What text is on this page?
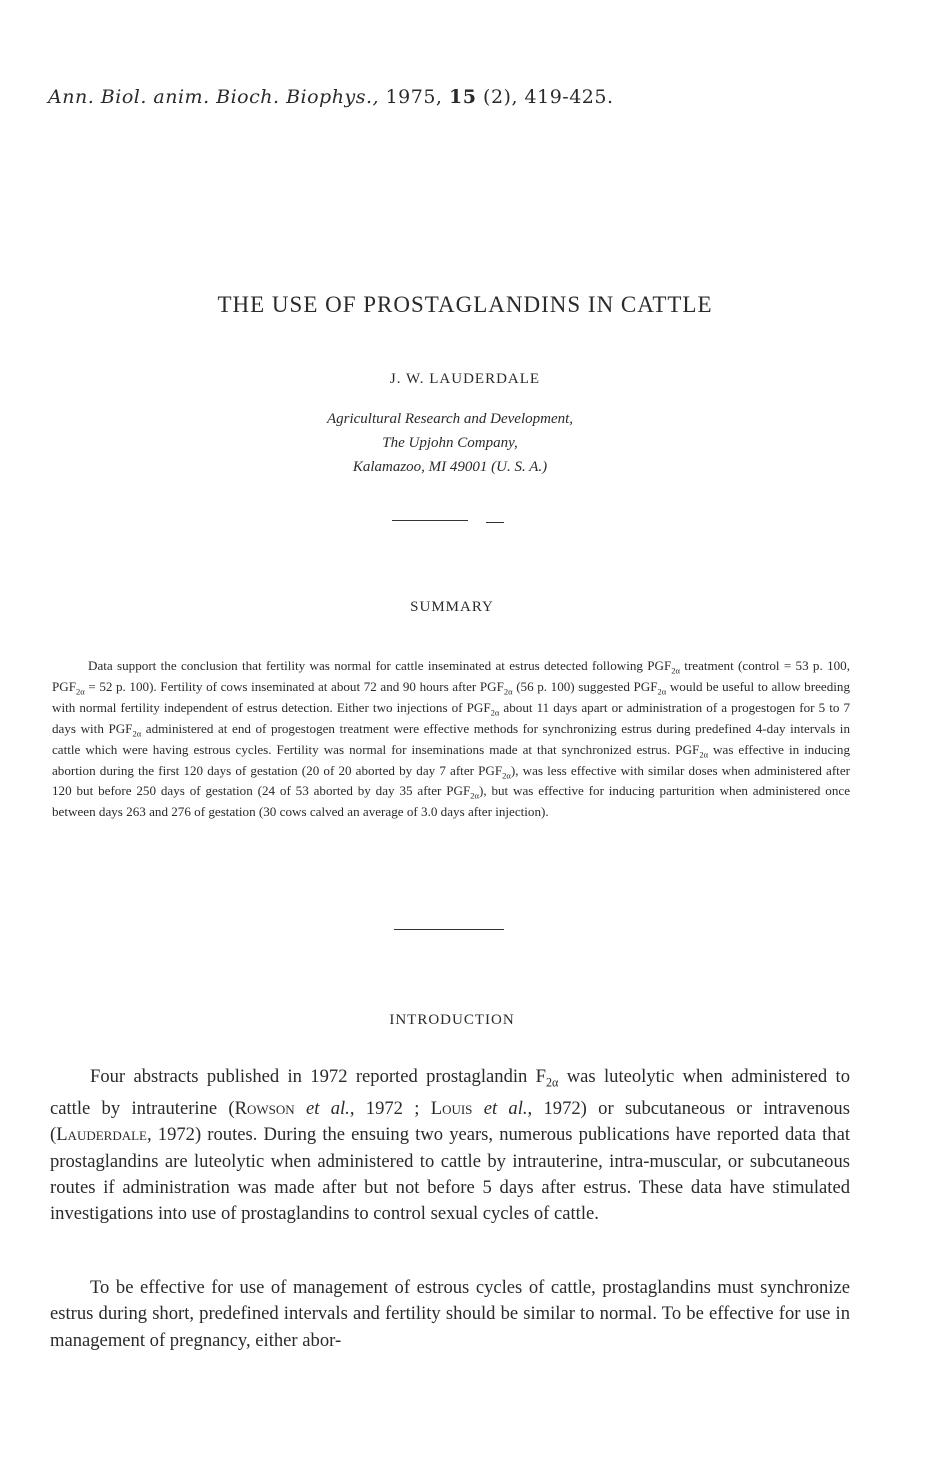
Ann. Biol. anim. Bioch. Biophys., 1975, 15 (2), 419-425.
THE USE OF PROSTAGLANDINS IN CATTLE
J. W. LAUDERDALE
Agricultural Research and Development,
The Upjohn Company,
Kalamazoo, MI 49001 (U. S. A.)
SUMMARY
Data support the conclusion that fertility was normal for cattle inseminated at estrus detected following $PGF_{2\alpha}$ treatment (control = 53 p. 100, $PGF_{2\alpha} = 52$ p. 100). Fertility of cows inseminated at about 72 and 90 hours after $PGF_{2\alpha}$ (56 p. 100) suggested $PGF_{2\alpha}$ would be useful to allow breeding with normal fertility independent of estrus detection. Either two injections of $PGF_{2\alpha}$ about 11 days apart or administration of a progestogen for 5 to 7 days with $PGF_{2\alpha}$ administered at end of progestogen treatment were effective methods for synchronizing estrus during predefined 4-day intervals in cattle which were having estrous cycles. Fertility was normal for inseminations made at that synchronized estrus. $PGF_{2\alpha}$ was effective in inducing abortion during the first 120 days of gestation (20 of 20 aborted by day 7 after $PGF_{2\alpha}$), was less effective with similar doses when administered after 120 but before 250 days of gestation (24 of 53 aborted by day 35 after $PGF_{2\alpha}$), but was effective for inducing parturition when administered once between days 263 and 276 of gestation (30 cows calved an average of 3.0 days after injection).
INTRODUCTION

Four abstracts published in 1972 reported prostaglandin $F_{2\alpha}$ was luteolytic when administered to cattle by intrauterine (Rowson et al., 1972 ; Louis et al., 1972) or subcutaneous or intravenous (Lauderdale, 1972) routes. During the ensuing two years, numerous publications have reported data that prostaglandins are luteolytic when administered to cattle by intrauterine, intra-muscular, or subcutaneous routes if administration was made after but not before 5 days after estrus. These data have stimulated investigations into use of prostaglandins to control sexual cycles of cattle.

To be effective for use of management of estrous cycles of cattle, prostaglandins must synchronize estrus during short, predefined intervals and fertility should be similar to normal. To be effective for use in management of pregnancy, either abor-
